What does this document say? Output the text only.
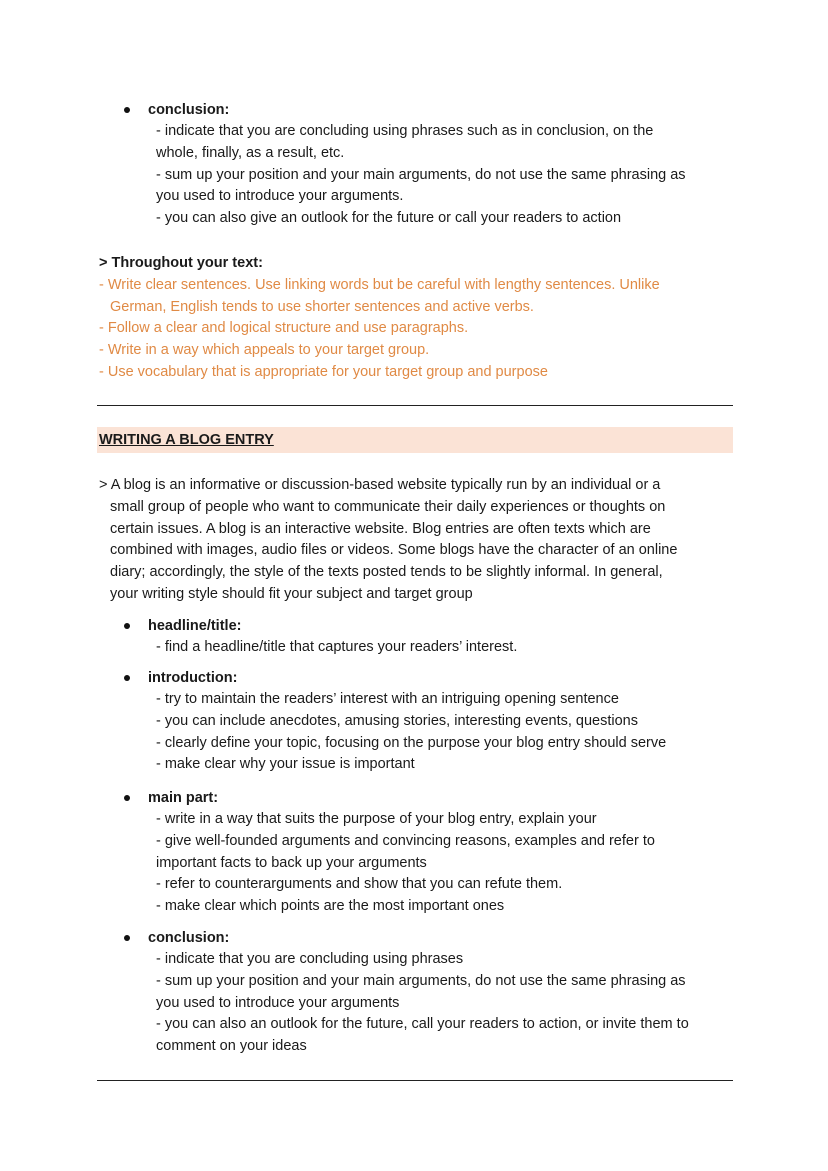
conclusion:
- indicate that you are concluding using phrases such as in conclusion, on the
whole, finally, as a result, etc.
- sum up your position and your main arguments, do not use the same phrasing as
you used to introduce your arguments.
- you can also give an outlook for the future or call your readers to action
> Throughout your text:
- Write clear sentences. Use linking words but be careful with lengthy sentences. Unlike
German, English tends to use shorter sentences and active verbs.
- Follow a clear and logical structure and use paragraphs.
- Write in a way which appeals to your target group.
- Use vocabulary that is appropriate for your target group and purpose
WRITING A BLOG ENTRY
> A blog is an informative or discussion-based website typically run by an individual or a
small group of people who want to communicate their daily experiences or thoughts on
certain issues. A blog is an interactive website. Blog entries are often texts which are
combined with images, audio files or videos. Some blogs have the character of an online
diary; accordingly, the style of the texts posted tends to be slightly informal. In general,
your writing style should fit your subject and target group
headline/title:
- find a headline/title that captures your readers’ interest.
introduction:
- try to maintain the readers’ interest with an intriguing opening sentence
- you can include anecdotes, amusing stories, interesting events, questions
- clearly define your topic, focusing on the purpose your blog entry should serve
- make clear why your issue is important
main part:
- write in a way that suits the purpose of your blog entry, explain your
- give well-founded arguments and convincing reasons, examples and refer to
important facts to back up your arguments
- refer to counterarguments and show that you can refute them.
- make clear which points are the most important ones
conclusion:
- indicate that you are concluding using phrases
- sum up your position and your main arguments, do not use the same phrasing as
you used to introduce your arguments
- you can also an outlook for the future, call your readers to action, or invite them to
comment on your ideas
